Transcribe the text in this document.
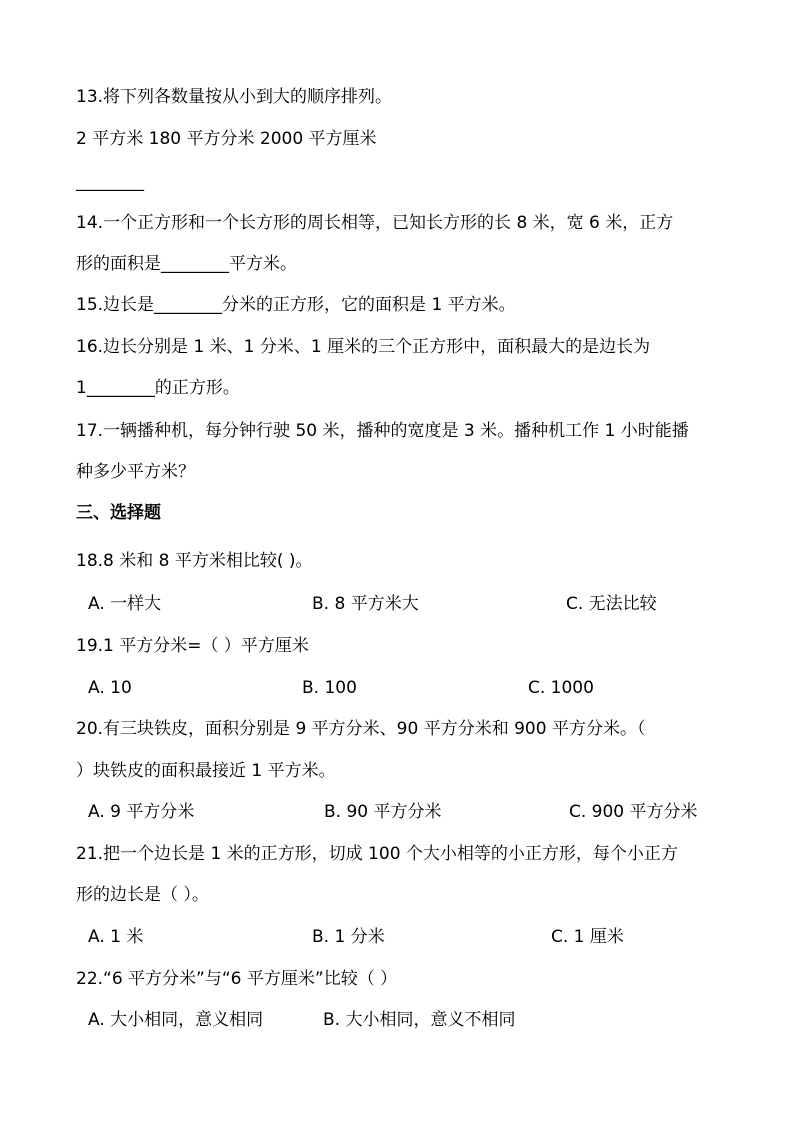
13.将下列各数量按从小到大的顺序排列。
2 平方米 180 平方分米 2000 平方厘米
________
14.一个正方形和一个长方形的周长相等，已知长方形的长 8 米，宽 6 米，正方
形的面积是________平方米。
15.边长是________分米的正方形，它的面积是 1 平方米。
16.边长分别是 1 米、1 分米、1 厘米的三个正方形中，面积最大的是边长为
1________的正方形。
17.一辆播种机，每分钟行驶 50 米，播种的宽度是 3 米。播种机工作 1 小时能播
种多少平方米？
三、选择题
18.8 米和 8 平方米相比较( )。
A. 一样大	B. 8 平方米大	C. 无法比较
19.1 平方分米=（ ）平方厘米
A. 10	B. 100	C. 1000
20.有三块铁皮，面积分别是 9 平方分米、90 平方分米和 900 平方分米。（
）块铁皮的面积最接近 1 平方米。
A. 9 平方分米	B. 90 平方分米	C. 900 平方分米
21.把一个边长是 1 米的正方形，切成 100 个大小相等的小正方形，每个小正方
形的边长是（ ）。
A. 1 米	B. 1 分米	C. 1 厘米
22.“6 平方分米”与“6 平方厘米”比较（ ）
A. 大小相同，意义相同	B. 大小相同，意义不相同
